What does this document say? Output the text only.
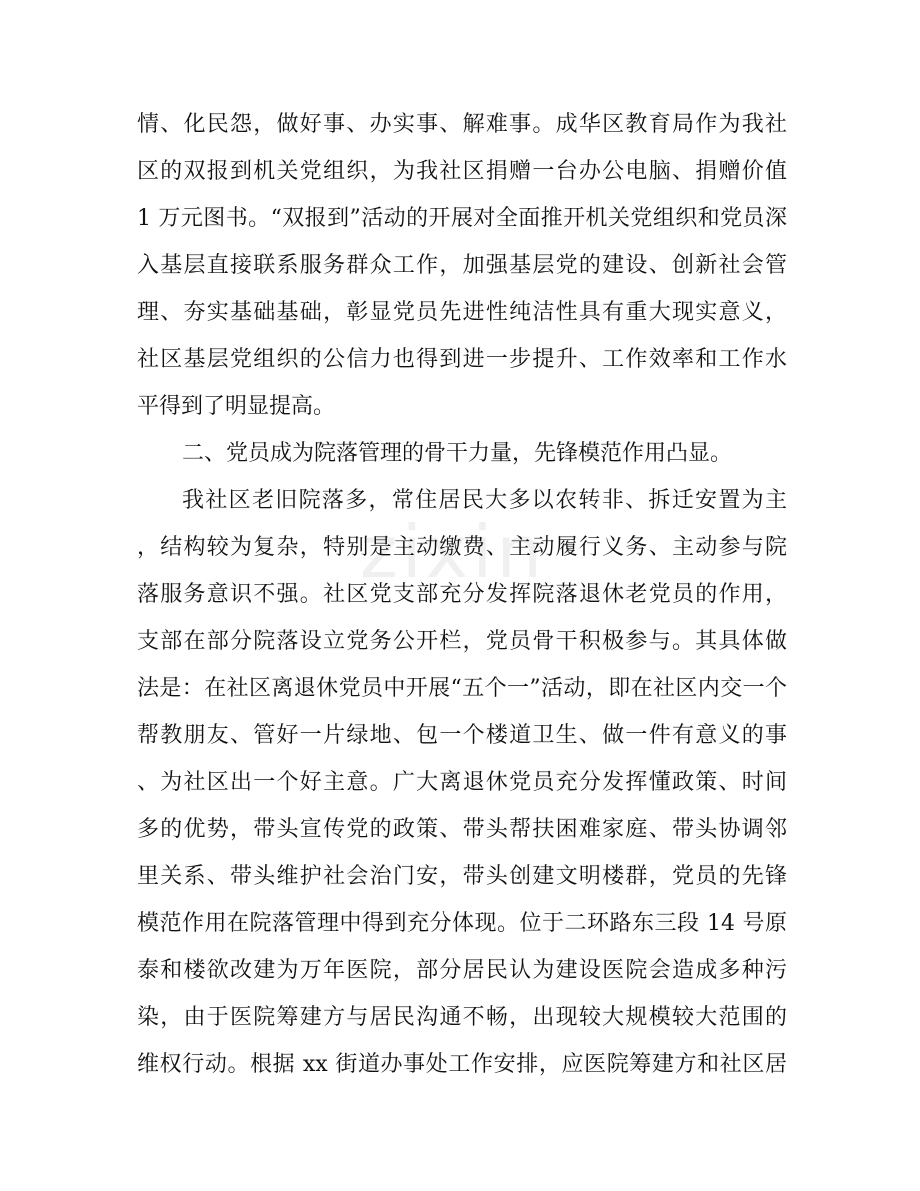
zixin
情、化民怨，做好事、办实事、解难事。成华区教育局作为我社
区的双报到机关党组织，为我社区捐赠一台办公电脑、捐赠价值
1 万元图书。“双报到”活动的开展对全面推开机关党组织和党员深
入基层直接联系服务群众工作，加强基层党的建设、创新社会管
理、夯实基础基础，彰显党员先进性纯洁性具有重大现实意义，
社区基层党组织的公信力也得到进一步提升、工作效率和工作水
平得到了明显提高。
二、党员成为院落管理的骨干力量，先锋模范作用凸显。
我社区老旧院落多，常住居民大多以农转非、拆迁安置为主
，结构较为复杂，特别是主动缴费、主动履行义务、主动参与院
落服务意识不强。社区党支部充分发挥院落退休老党员的作用，
支部在部分院落设立党务公开栏，党员骨干积极参与。其具体做
法是：在社区离退休党员中开展“五个一”活动，即在社区内交一个
帮教朋友、管好一片绿地、包一个楼道卫生、做一件有意义的事
、为社区出一个好主意。广大离退休党员充分发挥懂政策、时间
多的优势，带头宣传党的政策、带头帮扶困难家庭、带头协调邻
里关系、带头维护社会治门安，带头创建文明楼群，党员的先锋
模范作用在院落管理中得到充分体现。位于二环路东三段 14 号原
泰和楼欲改建为万年医院，部分居民认为建设医院会造成多种污
染，由于医院筹建方与居民沟通不畅，出现较大规模较大范围的
维权行动。根据 xx 街道办事处工作安排，应医院筹建方和社区居
